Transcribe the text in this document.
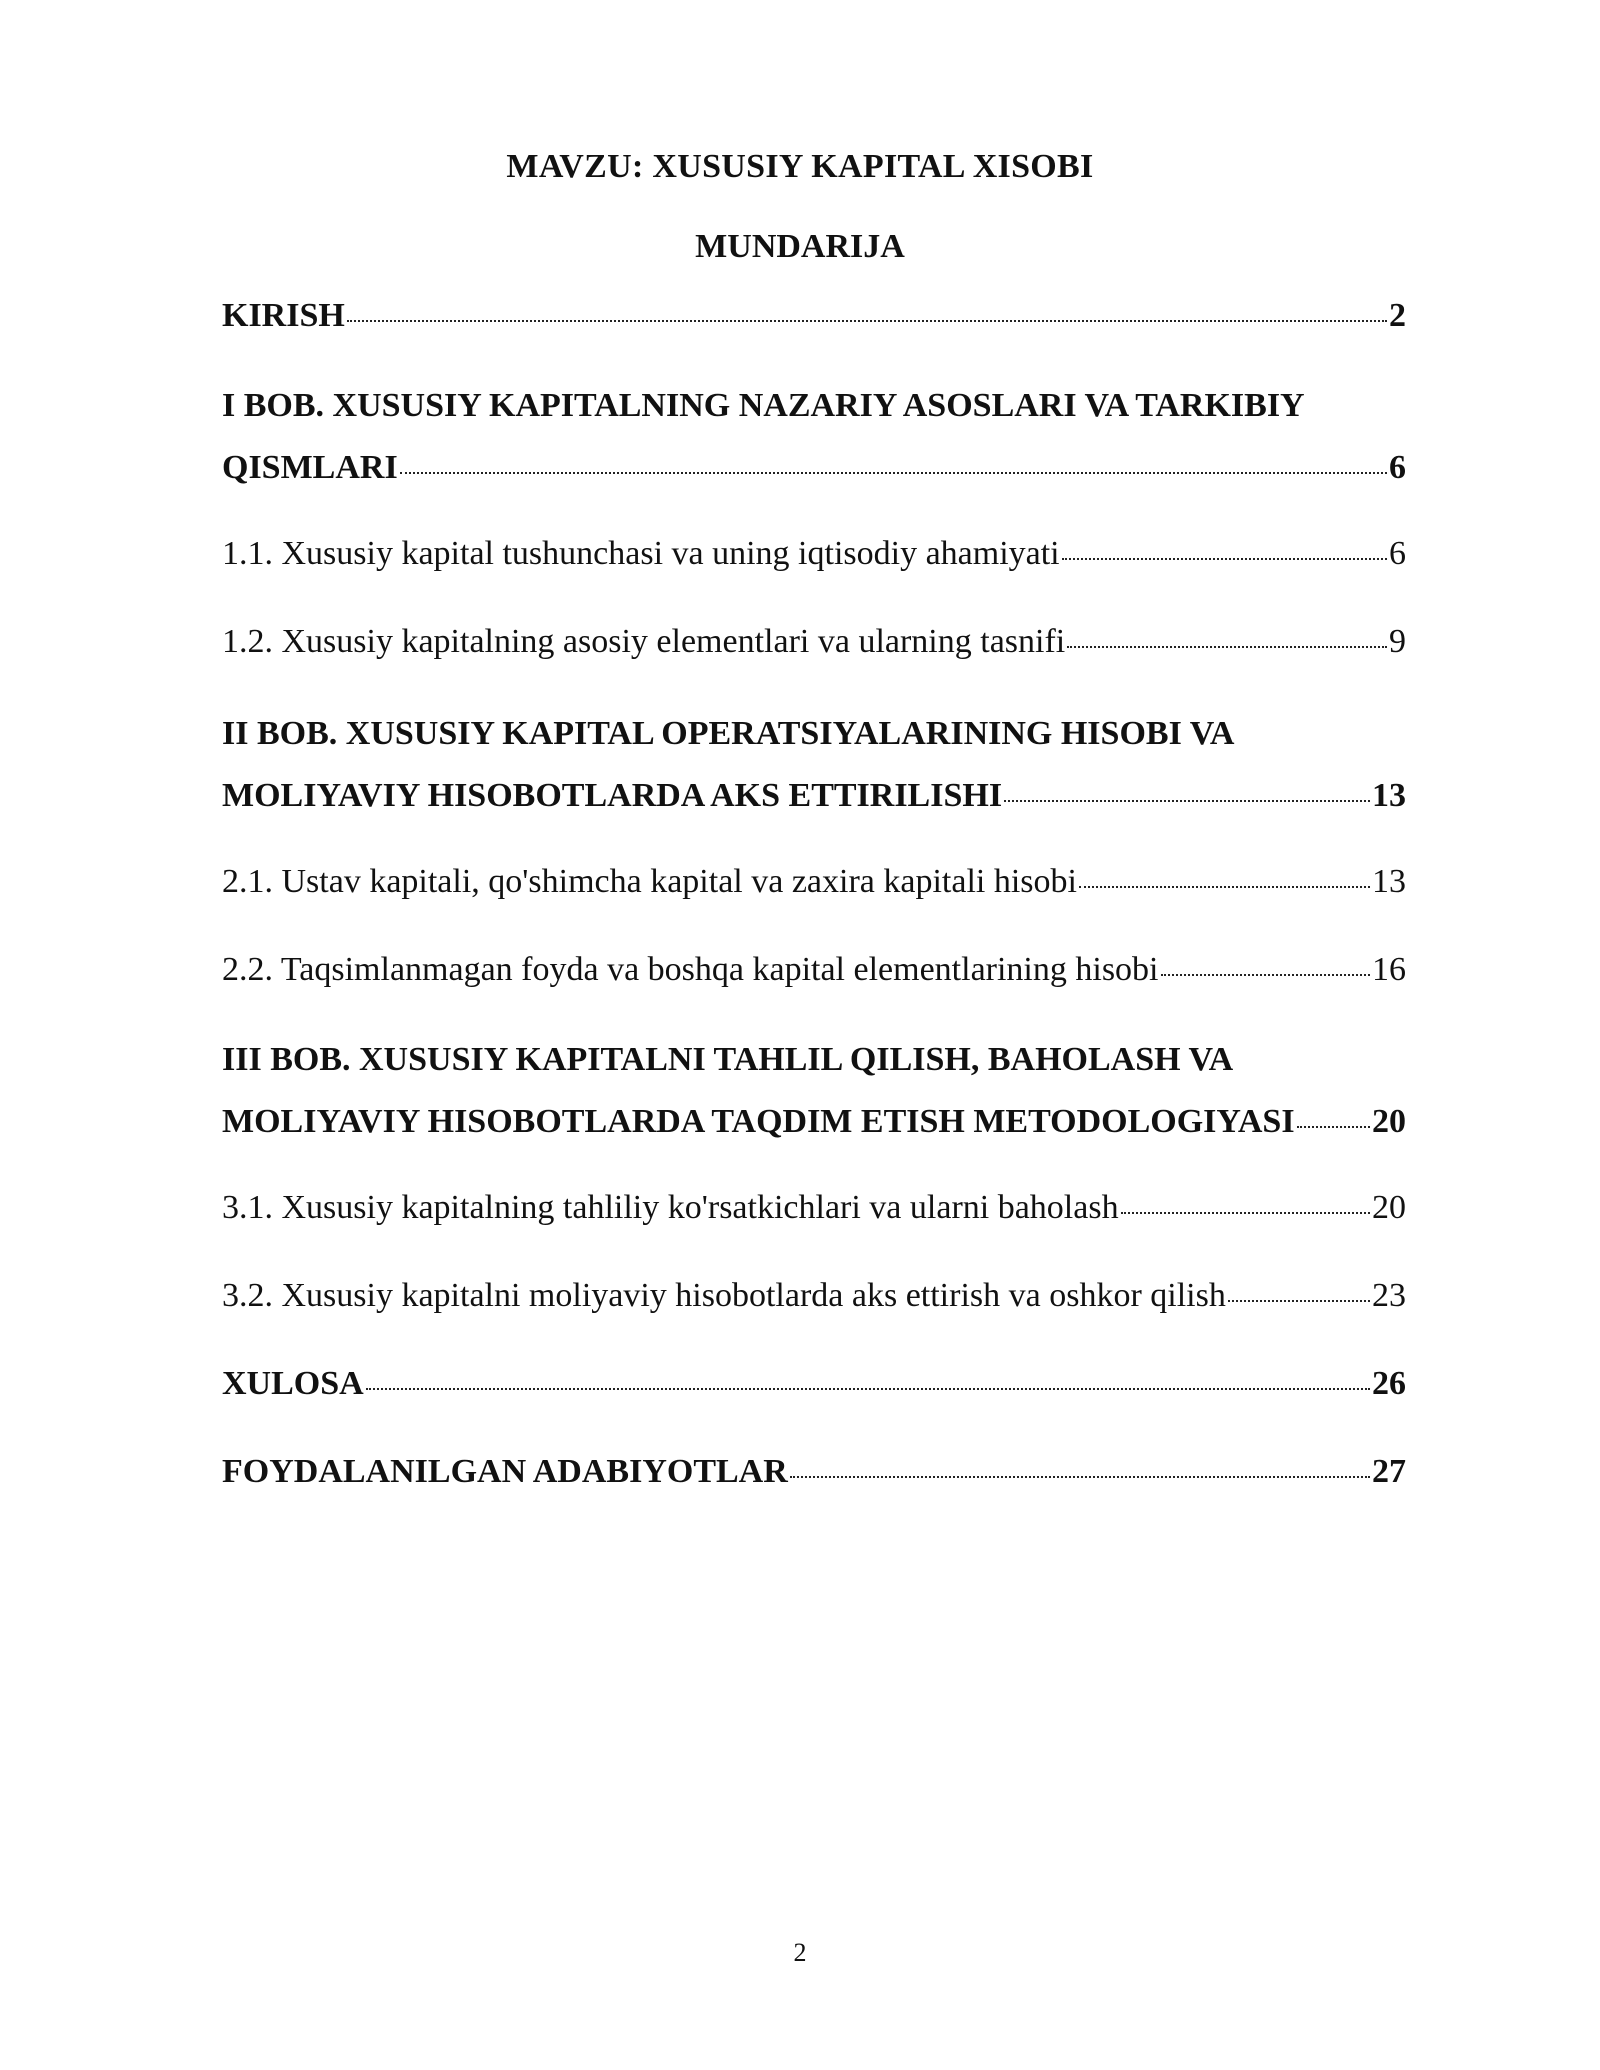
MAVZU: XUSUSIY KAPITAL XISOBI
MUNDARIJA
KIRISH	2
I BOB. XUSUSIY KAPITALNING NAZARIY ASOSLARI VA TARKIBIY
QISMLARI	6
1.1. Xususiy kapital tushunchasi va uning iqtisodiy ahamiyati	6
1.2. Xususiy kapitalning asosiy elementlari va ularning tasnifi	9
II BOB. XUSUSIY KAPITAL OPERATSIYALARINING HISOBI VA
MOLIYAVIY HISOBOTLARDA AKS ETTIRILISHI	13
2.1. Ustav kapitali, qo'shimcha kapital va zaxira kapitali hisobi	13
2.2. Taqsimlanmagan foyda va boshqa kapital elementlarining hisobi	16
III BOB. XUSUSIY KAPITALNI TAHLIL QILISH, BAHOLASH VA
MOLIYAVIY HISOBOTLARDA TAQDIM ETISH METODOLOGIYASI 20
3.1. Xususiy kapitalning tahliliy ko'rsatkichlari va ularni baholash	20
3.2. Xususiy kapitalni moliyaviy hisobotlarda aks ettirish va oshkor qilish	23
XULOSA	26
FOYDALANILGAN ADABIYOTLAR	27
2
